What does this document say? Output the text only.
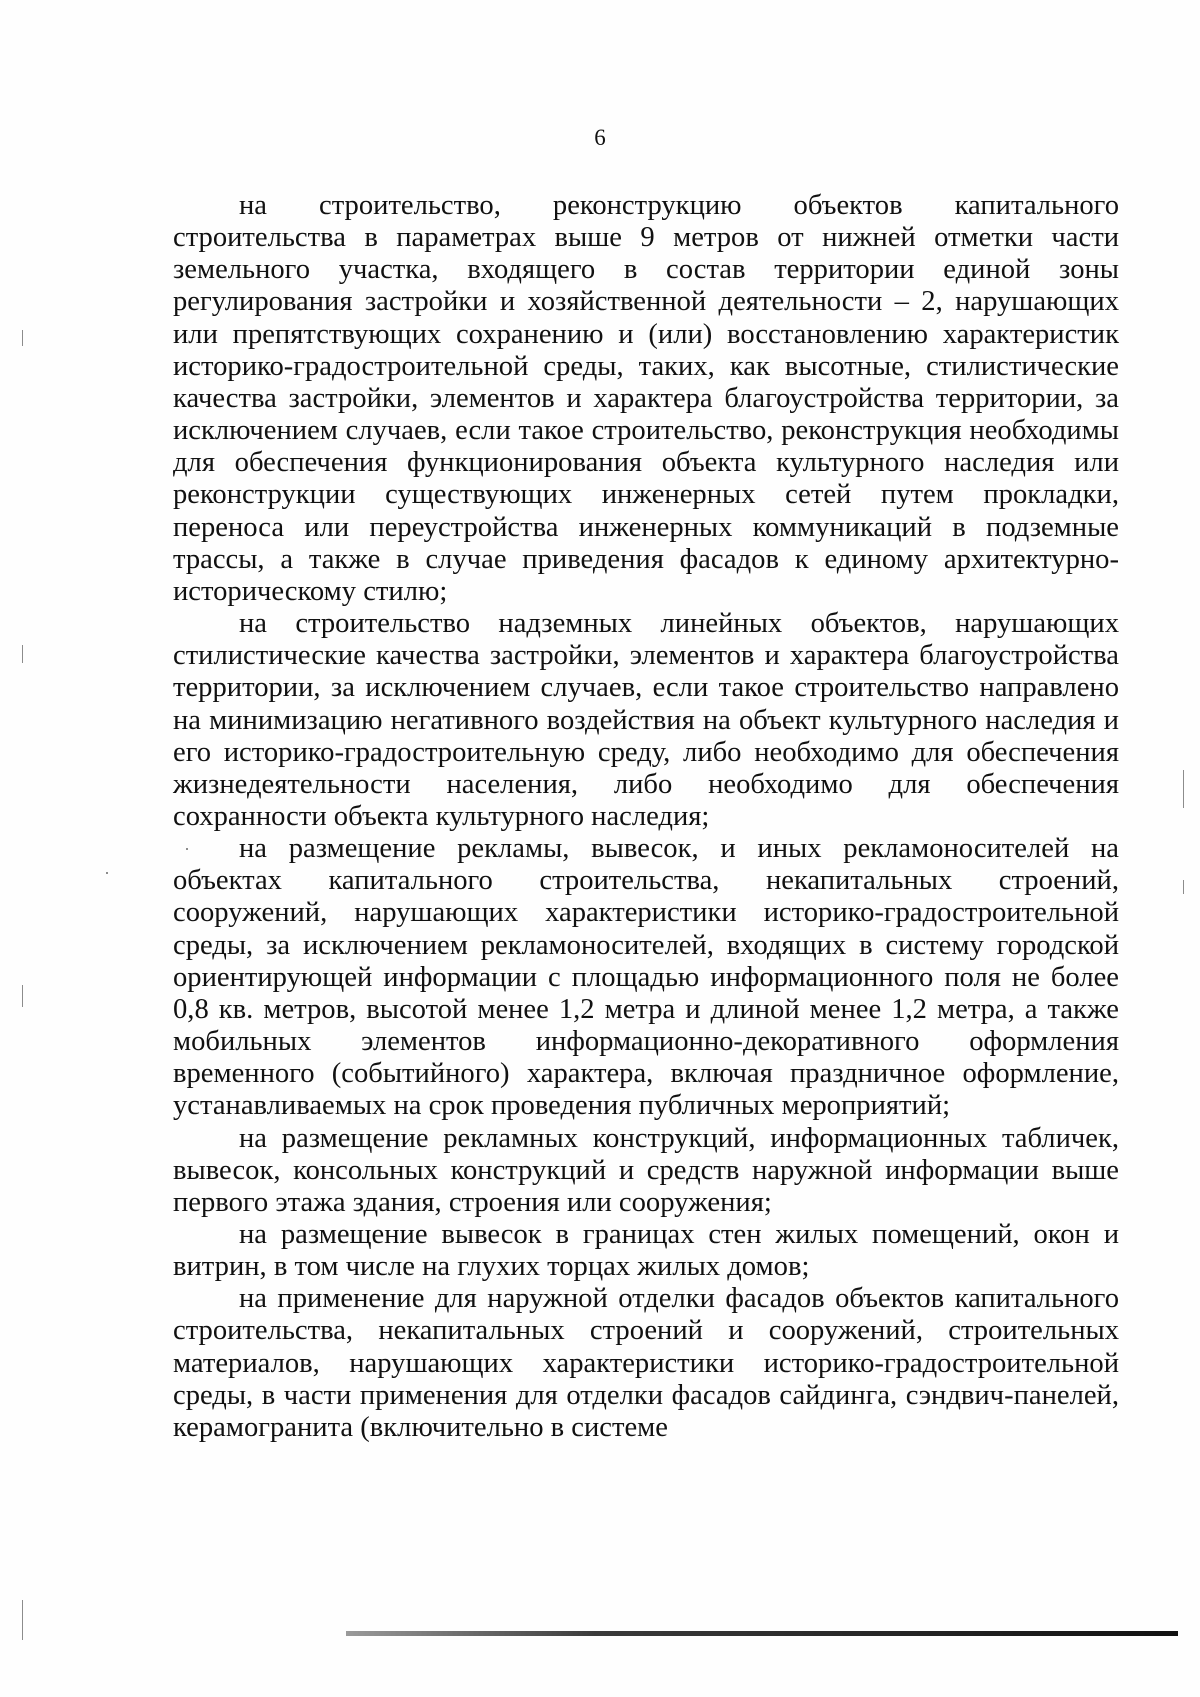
6

на строительство, реконструкцию объектов капитального строительства в параметрах выше 9 метров от нижней отметки части земельного участка, входящего в состав территории единой зоны регулирования застройки и хозяйственной деятельности – 2, нарушающих или препятствующих сохранению и (или) восстановлению характеристик историко-градостроительной среды, таких, как высотные, стилистические качества застройки, элементов и характера благоустройства территории, за исключением случаев, если такое строительство, реконструкция необходимы для обеспечения функционирования объекта культурного наследия или реконструкции существующих инженерных сетей путем прокладки, переноса или переустройства инженерных коммуникаций в подземные трассы, а также в случае приведения фасадов к единому архитектурно-историческому стилю;

на строительство надземных линейных объектов, нарушающих стилистические качества застройки, элементов и характера благоустройства территории, за исключением случаев, если такое строительство направлено на минимизацию негативного воздействия на объект культурного наследия и его историко-градостроительную среду, либо необходимо для обеспечения жизнедеятельности населения, либо необходимо для обеспечения сохранности объекта культурного наследия;

на размещение рекламы, вывесок, и иных рекламоносителей на объектах капитального строительства, некапитальных строений, сооружений, нарушающих характеристики историко-градостроительной среды, за исключением рекламоносителей, входящих в систему городской ориентирующей информации с площадью информационного поля не более 0,8 кв. метров, высотой менее 1,2 метра и длиной менее 1,2 метра, а также мобильных элементов информационно-декоративного оформления временного (событийного) характера, включая праздничное оформление, устанавливаемых на срок проведения публичных мероприятий;

на размещение рекламных конструкций, информационных табличек, вывесок, консольных конструкций и средств наружной информации выше первого этажа здания, строения или сооружения;

на размещение вывесок в границах стен жилых помещений, окон и витрин, в том числе на глухих торцах жилых домов;

на применение для наружной отделки фасадов объектов капитального строительства, некапитальных строений и сооружений, строительных материалов, нарушающих характеристики историко-градостроительной среды, в части применения для отделки фасадов сайдинга, сэндвич-панелей, керамогранита (включительно в системе
